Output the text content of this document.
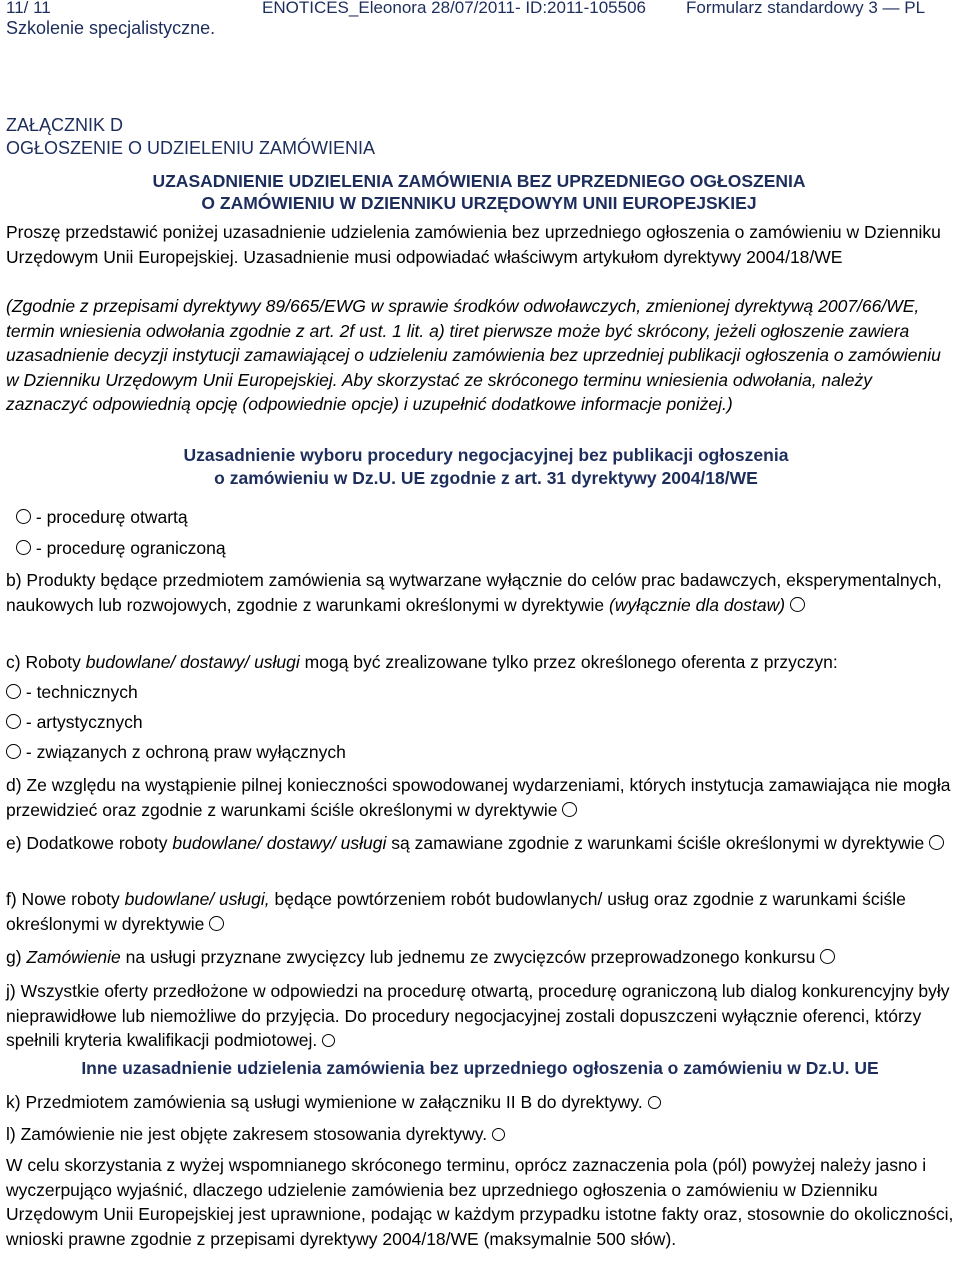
11/ 11	ENOTICES_Eleonora 28/07/2011- ID:2011-105506 Formularz standardowy 3 — PL
Szkolenie specjalistyczne.
ZAŁĄCZNIK D
OGŁOSZENIE O UDZIELENIU ZAMÓWIENIA
UZASADNIENIE UDZIELENIA ZAMÓWIENIA BEZ UPRZEDNIEGO OGŁOSZENIA
O ZAMÓWIENIU W DZIENNIKU URZĘDOWYM UNII EUROPEJSKIEJ
Proszę przedstawić poniżej uzasadnienie udzielenia zamówienia bez uprzedniego ogłoszenia o zamówieniu w Dzienniku Urzędowym Unii Europejskiej. Uzasadnienie musi odpowiadać właściwym artykułom dyrektywy 2004/18/WE
(Zgodnie z przepisami dyrektywy 89/665/EWG w sprawie środków odwoławczych, zmienionej dyrektywą 2007/66/WE, termin wniesienia odwołania zgodnie z art. 2f ust. 1 lit. a) tiret pierwsze może być skrócony, jeżeli ogłoszenie zawiera uzasadnienie decyzji instytucji zamawiającej o udzieleniu zamówienia bez uprzedniej publikacji ogłoszenia o zamówieniu w Dzienniku Urzędowym Unii Europejskiej. Aby skorzystać ze skróconego terminu wniesienia odwołania, należy zaznaczyć odpowiednią opcję (odpowiednie opcje) i uzupełnić dodatkowe informacje poniżej.)
Uzasadnienie wyboru procedury negocjacyjnej bez publikacji ogłoszenia
o zamówieniu w Dz.U. UE zgodnie z art. 31 dyrektywy 2004/18/WE
- procedurę otwartą
- procedurę ograniczoną
b) Produkty będące przedmiotem zamówienia są wytwarzane wyłącznie do celów prac badawczych, eksperymentalnych, naukowych lub rozwojowych, zgodnie z warunkami określonymi w dyrektywie (wyłącznie dla dostaw)
c) Roboty budowlane/ dostawy/ usługi mogą być zrealizowane tylko przez określonego oferenta z przyczyn:
- technicznych
- artystycznych
- związanych z ochroną praw wyłącznych
d) Ze względu na wystąpienie pilnej konieczności spowodowanej wydarzeniami, których instytucja zamawiająca nie mogła przewidzieć oraz zgodnie z warunkami ściśle określonymi w dyrektywie
e) Dodatkowe roboty budowlane/ dostawy/ usługi są zamawiane zgodnie z warunkami ściśle określonymi w dyrektywie
f) Nowe roboty budowlane/ usługi, będące powtórzeniem robót budowlanych/ usług oraz zgodnie z warunkami ściśle określonymi w dyrektywie
g) Zamówienie na usługi przyznane zwycięzcy lub jednemu ze zwycięzców przeprowadzonego konkursu
j) Wszystkie oferty przedłożone w odpowiedzi na procedurę otwartą, procedurę ograniczoną lub dialog konkurencyjny były nieprawidłowe lub niemożliwe do przyjęcia. Do procedury negocjacyjnej zostali dopuszczeni wyłącznie oferenci, którzy spełnili kryteria kwalifikacji podmiotowej.
Inne uzasadnienie udzielenia zamówienia bez uprzedniego ogłoszenia o zamówieniu w Dz.U. UE
k) Przedmiotem zamówienia są usługi wymienione w załączniku II B do dyrektywy.
l) Zamówienie nie jest objęte zakresem stosowania dyrektywy.
W celu skorzystania z wyżej wspomnianego skróconego terminu, oprócz zaznaczenia pola (pól) powyżej należy jasno i wyczerpująco wyjaśnić, dlaczego udzielenie zamówienia bez uprzedniego ogłoszenia o zamówieniu w Dzienniku Urzędowym Unii Europejskiej jest uprawnione, podając w każdym przypadku istotne fakty oraz, stosownie do okoliczności, wnioski prawne zgodnie z przepisami dyrektywy 2004/18/WE (maksymalnie 500 słów).
